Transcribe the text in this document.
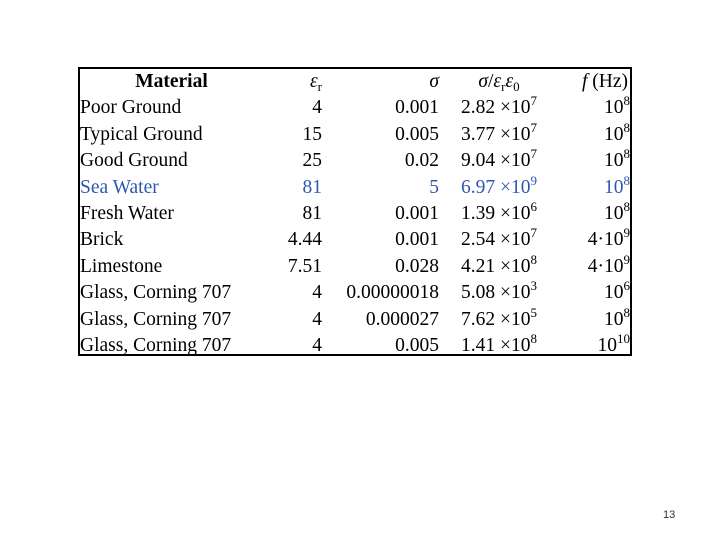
Material	$\varepsilon_r$	σ	$\sigma/\varepsilon_r\varepsilon_0$	f (Hz)
Poor Ground	4	0.001	$2.82 \times 10^7$	$10^8$
Typical Ground	15	0.005	$3.77 \times 10^7$	$10^8$
Good Ground	25	0.02	$9.04 \times 10^7$	$10^8$
Sea Water	81	5	$6.97 \times 10^9$	$10^8$
Fresh Water	81	0.001	$1.39 \times 10^6$	$10^8$
Brick	4.44	0.001	$2.54 \times 10^7$	$4\cdot 10^9$
Limestone	7.51	0.028	$4.21 \times 10^8$	$4\cdot 10^9$
Glass, Corning 707	4	0.00000018	$5.08 \times 10^3$	$10^6$
Glass, Corning 707	4	0.000027	$7.62 \times 10^5$	$10^8$
Glass, Corning 707	4	0.005	$1.41 \times 10^8$	$10^{10}$
13
